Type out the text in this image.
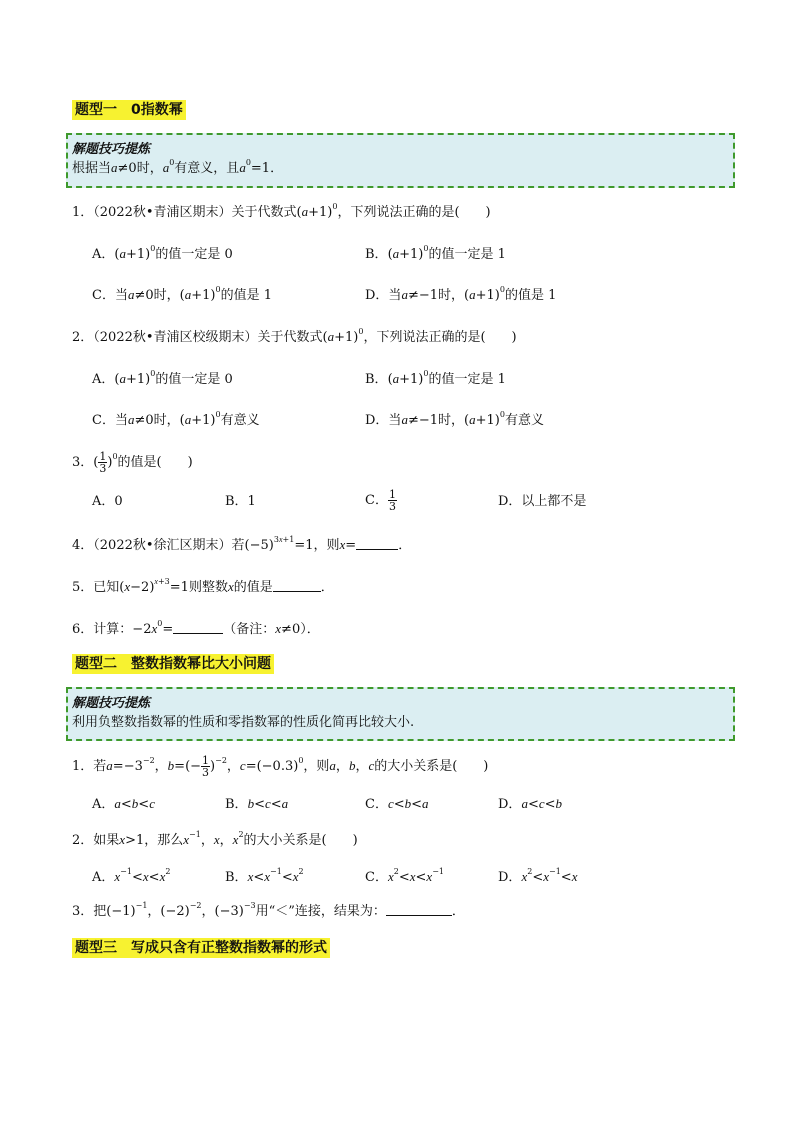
题型一　0指数幂
解题技巧提炼
根据当a≠0时，$a^0$有意义，且$a^0=1$．
1．（2022秋•青浦区期末）关于代数式$(a+1)^0$，下列说法正确的是(　　)
A．$(a+1)^0$的值一定是 0	B．$(a+1)^0$的值一定是 1
C．当a≠0时，$(a+1)^0$的值是 1	D．当a≠−1时，$(a+1)^0$的值是 1
2．（2022秋•青浦区校级期末）关于代数式$(a+1)^0$，下列说法正确的是(　　)
A．$(a+1)^0$的值一定是 0	B．$(a+1)^0$的值一定是 1
C．当a≠0时，$(a+1)^0$有意义	D．当a≠−1时，$(a+1)^0$有意义
3．( $\frac{1}{3} )^0$的值是(　　)
A．0	B．1	C． $\frac{1}{3}$	D．以上都不是
4．（2022秋•徐汇区期末）若$(-5)^{3x+1}=1$，则x=	．
5．已知$(x-2)^{x+3}=1$则整数x的值是	．
6．计算：$-2x^0=$	（备注：x≠0）．
题型二　整数指数幂比大小问题
解题技巧提炼
利用负整数指数幂的性质和零指数幂的性质化简再比较大小.
1．若$a=-3^{-2}$，$b=(- \frac{1}{3} )^{-2}$，$c=(-0.3)^0$，则a，b，c的大小关系是(　　)
A．a<b<c	B．b<c<a	C．c<b<a	D．a<c<b
2．如果x>1，那么$x^{-1}$，x，$x^2$的大小关系是(　　)
A．$x^{-1}<x<x^2$	B．$x<x^{-1}<x^2$	C．$x^2<x<x^{-1}$	D．$x^2<x^{-1}<x$
3．把$(-1)^{-1}$，$(-2)^{-2}$，$(-3)^{-3}$用“＜”连接，结果为：	．
题型三　写成只含有正整数指数幂的形式
